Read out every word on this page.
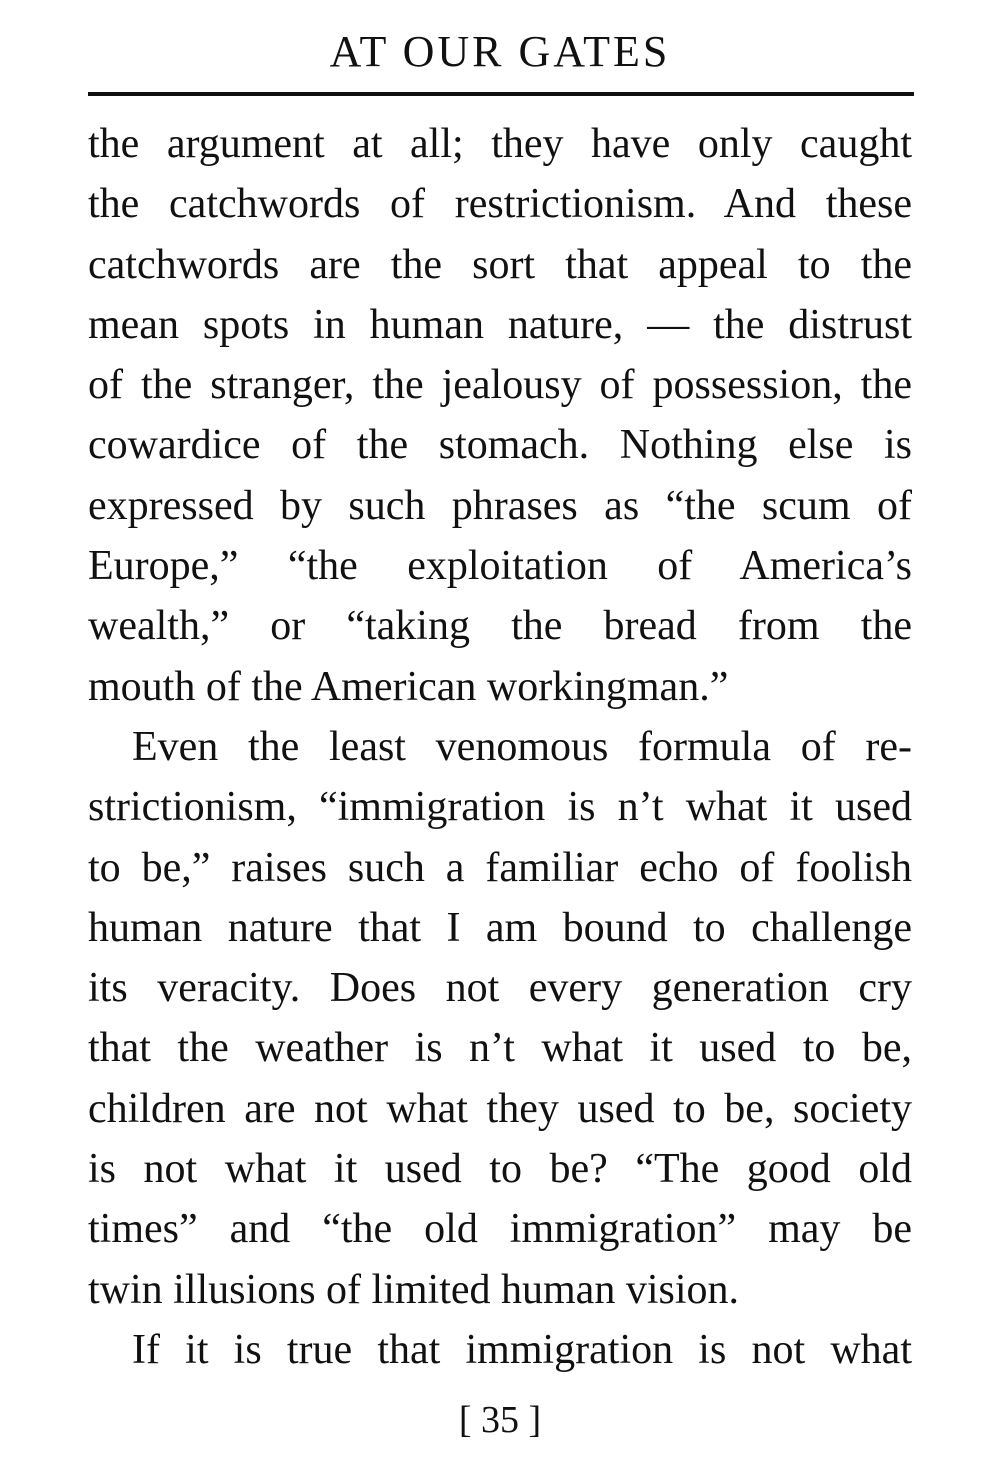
AT OUR GATES
the argument at all; they have only caught
the catchwords of restrictionism. And these
catchwords are the sort that appeal to the
mean spots in human nature, — the distrust
of the stranger, the jealousy of possession, the
cowardice of the stomach. Nothing else is
expressed by such phrases as “the scum of
Europe,” “the exploitation of America’s
wealth,” or “taking the bread from the
mouth of the American workingman.”
Even the least venomous formula of re-
strictionism, “immigration is n’t what it used
to be,” raises such a familiar echo of foolish
human nature that I am bound to challenge
its veracity. Does not every generation cry
that the weather is n’t what it used to be,
children are not what they used to be, society
is not what it used to be? “The good old
times” and “the old immigration” may be
twin illusions of limited human vision.
If it is true that immigration is not what
[ 35 ]
